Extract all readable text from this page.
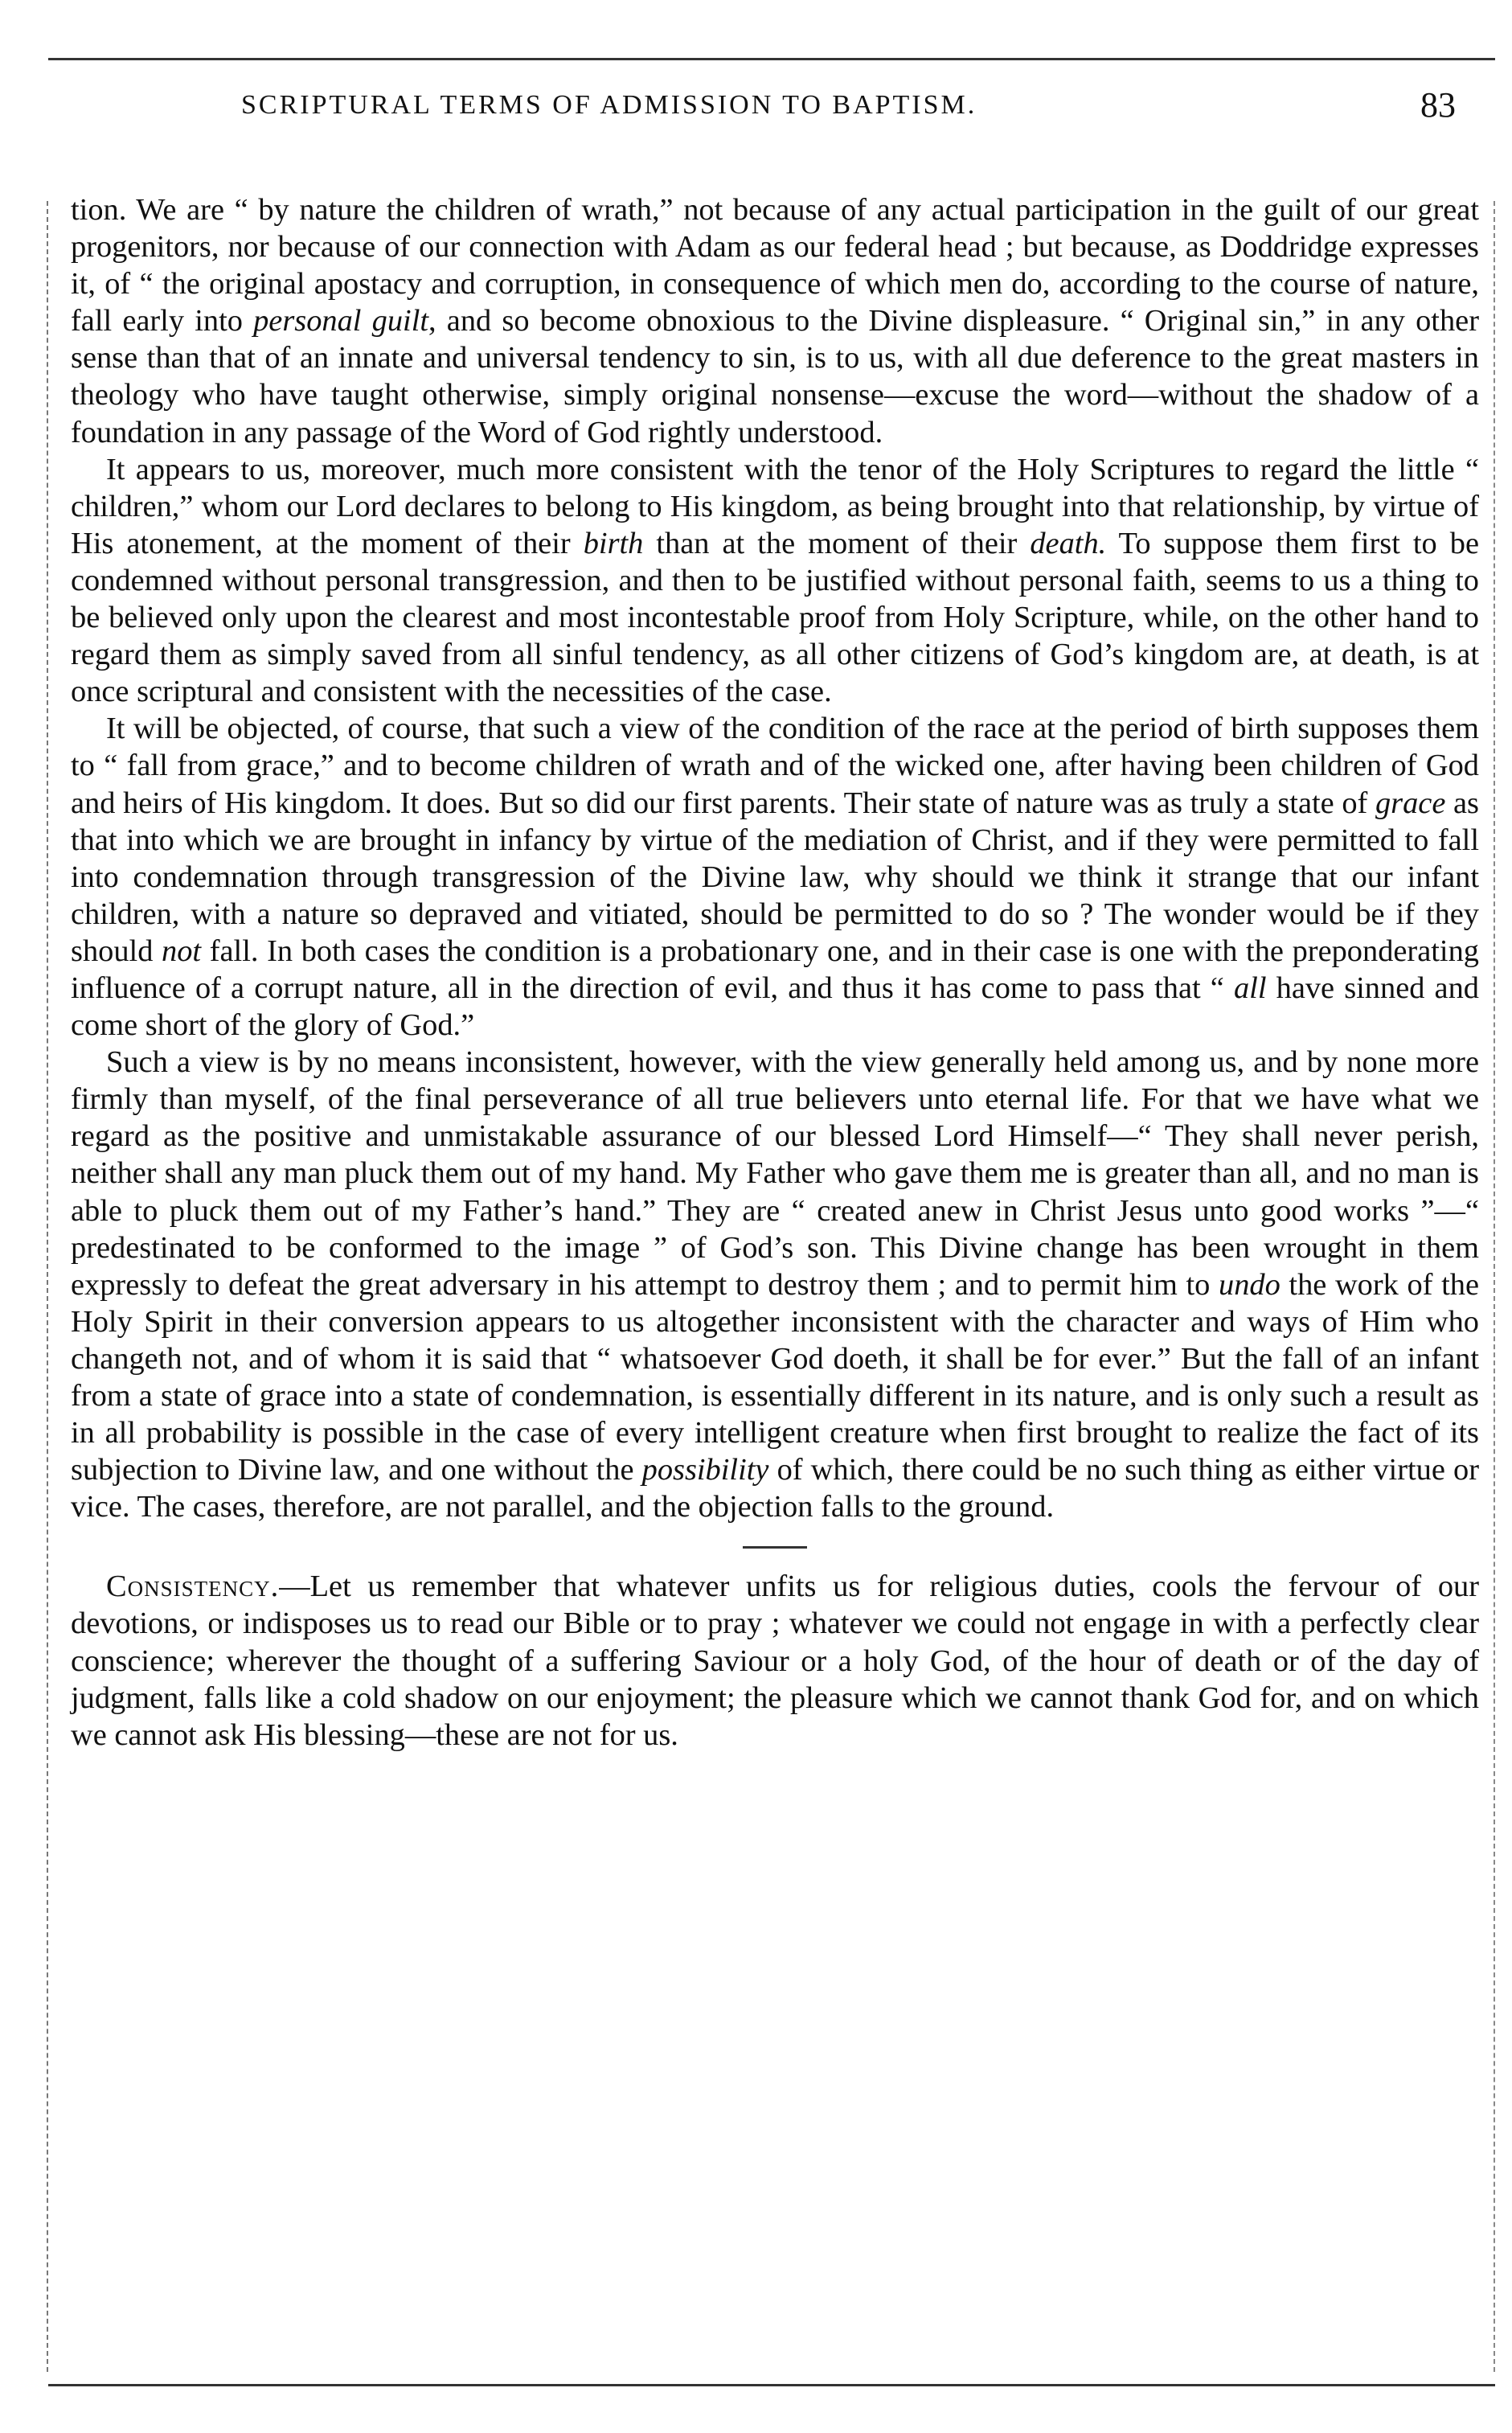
SCRIPTURAL TERMS OF ADMISSION TO BAPTISM.	83

tion. We are “ by nature the children of wrath,” not because of any actual participation in the guilt of our great progenitors, nor because of our connection with Adam as our federal head ; but because, as Doddridge expresses it, of “ the original apostacy and corruption, in consequence of which men do, according to the course of nature, fall early into personal guilt, and so become obnoxious to the Divine displeasure. “ Original sin,” in any other sense than that of an innate and universal tendency to sin, is to us, with all due deference to the great masters in theology who have taught otherwise, simply original nonsense—excuse the word—without the shadow of a foundation in any passage of the Word of God rightly understood.

It appears to us, moreover, much more consistent with the tenor of the Holy Scriptures to regard the little “ children,” whom our Lord declares to belong to His kingdom, as being brought into that relationship, by virtue of His atonement, at the moment of their birth than at the moment of their death. To suppose them first to be condemned without personal transgression, and then to be justified without personal faith, seems to us a thing to be believed only upon the clearest and most incontestable proof from Holy Scripture, while, on the other hand to regard them as simply saved from all sinful tendency, as all other citizens of God’s kingdom are, at death, is at once scriptural and consistent with the necessities of the case.

It will be objected, of course, that such a view of the condition of the race at the period of birth supposes them to “ fall from grace,” and to become children of wrath and of the wicked one, after having been children of God and heirs of His kingdom. It does. But so did our first parents. Their state of nature was as truly a state of grace as that into which we are brought in infancy by virtue of the mediation of Christ, and if they were permitted to fall into condemnation through transgression of the Divine law, why should we think it strange that our infant children, with a nature so depraved and vitiated, should be permitted to do so ? The wonder would be if they should not fall. In both cases the condition is a probationary one, and in their case is one with the preponderating influence of a corrupt nature, all in the direction of evil, and thus it has come to pass that “ all have sinned and come short of the glory of God.”

Such a view is by no means inconsistent, however, with the view generally held among us, and by none more firmly than myself, of the final perseverance of all true believers unto eternal life. For that we have what we regard as the positive and unmistakable assurance of our blessed Lord Himself—“ They shall never perish, neither shall any man pluck them out of my hand. My Father who gave them me is greater than all, and no man is able to pluck them out of my Father’s hand.” They are “ created anew in Christ Jesus unto good works ”—“ predestinated to be conformed to the image ” of God’s son. This Divine change has been wrought in them expressly to defeat the great adversary in his attempt to destroy them ; and to permit him to undo the work of the Holy Spirit in their conversion appears to us altogether inconsistent with the character and ways of Him who changeth not, and of whom it is said that “ whatsoever God doeth, it shall be for ever.” But the fall of an infant from a state of grace into a state of condemnation, is essentially different in its nature, and is only such a result as in all probability is possible in the case of every intelligent creature when first brought to realize the fact of its subjection to Divine law, and one without the possibility of which, there could be no such thing as either virtue or vice. The cases, therefore, are not parallel, and the objection falls to the ground.

Consistency.—Let us remember that whatever unfits us for religious duties, cools the fervour of our devotions, or indisposes us to read our Bible or to pray ; whatever we could not engage in with a perfectly clear conscience; wherever the thought of a suffering Saviour or a holy God, of the hour of death or of the day of judgment, falls like a cold shadow on our enjoyment; the pleasure which we cannot thank God for, and on which we cannot ask His blessing—these are not for us.
